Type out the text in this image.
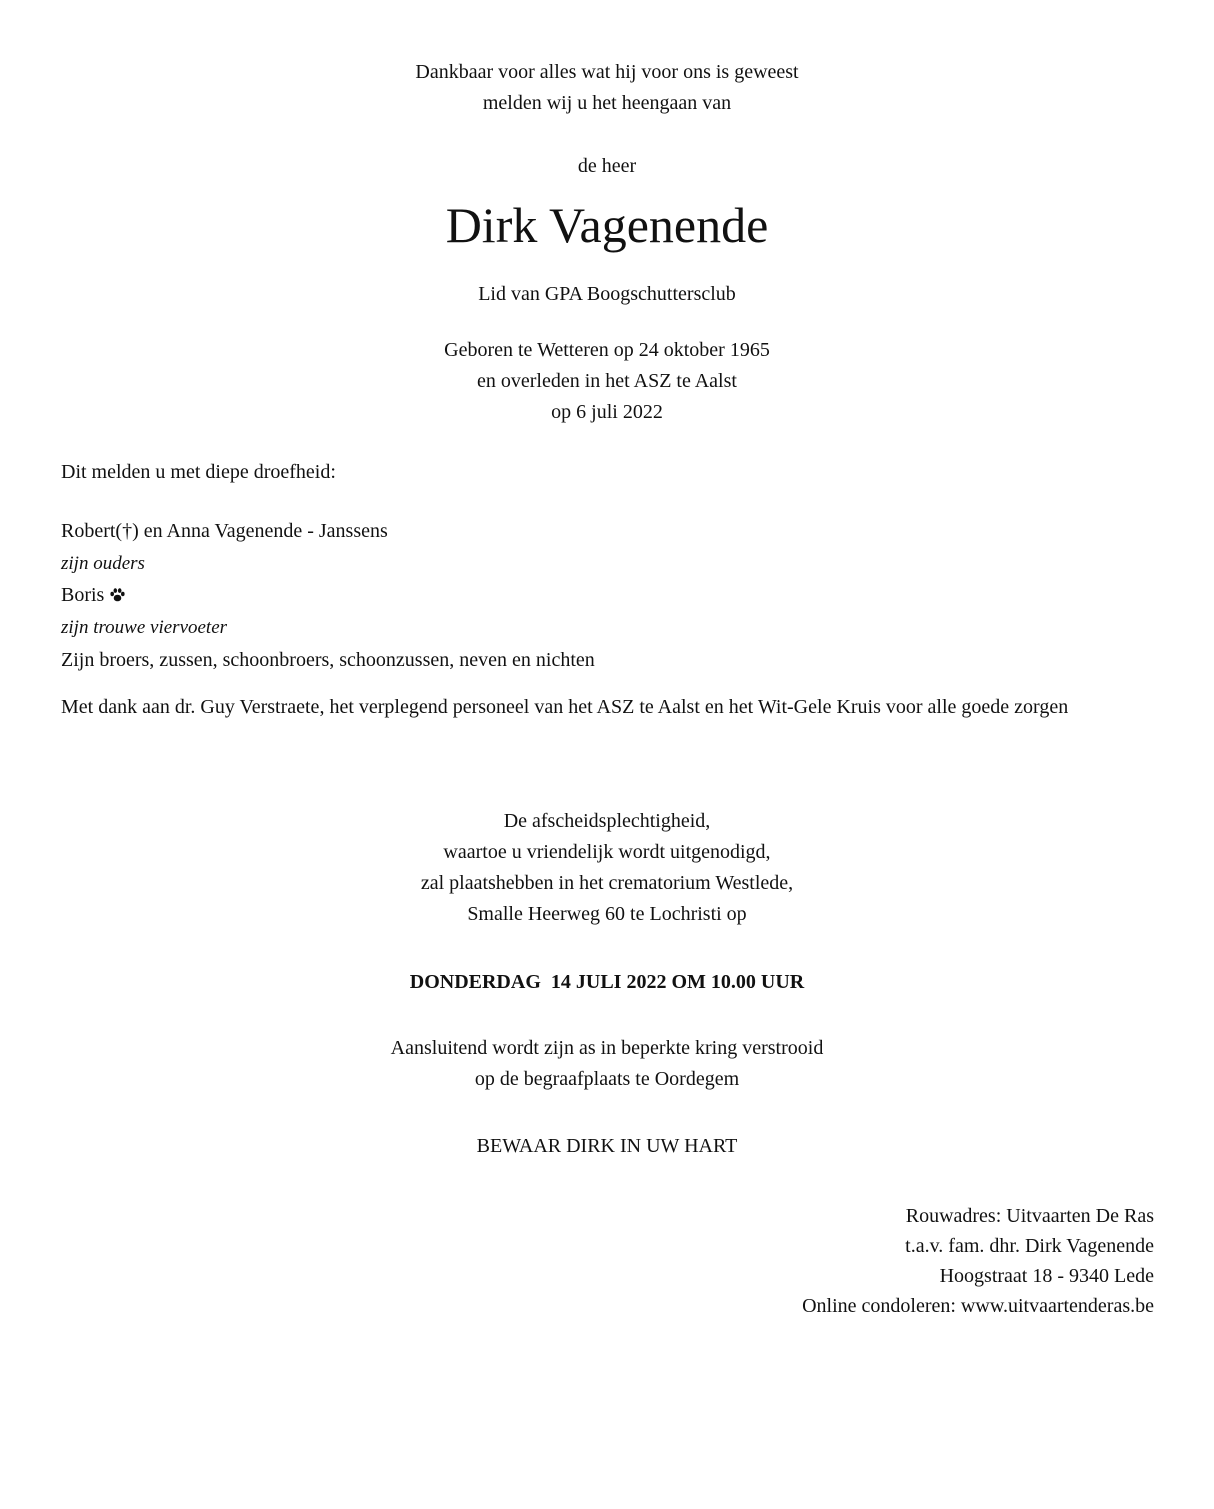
Dankbaar voor alles wat hij voor ons is geweest
melden wij u het heengaan van
de heer
Dirk Vagenende
Lid van GPA Boogschuttersclub
Geboren te Wetteren op 24 oktober 1965
en overleden in het ASZ te Aalst
op 6 juli 2022
Dit melden u met diepe droefheid:
Robert(†) en Anna Vagenende - Janssens
zijn ouders
Boris
zijn trouwe viervoeter
Zijn broers, zussen, schoonbroers, schoonzussen, neven en nichten
Met dank aan dr. Guy Verstraete, het verplegend personeel van het ASZ te Aalst en het Wit-Gele Kruis voor alle goede zorgen
De afscheidsplechtigheid,
waartoe u vriendelijk wordt uitgenodigd,
zal plaatshebben in het crematorium Westlede,
Smalle Heerweg 60 te Lochristi op
DONDERDAG  14 JULI 2022 OM 10.00 UUR
Aansluitend wordt zijn as in beperkte kring verstrooid
op de begraafplaats te Oordegem
BEWAAR DIRK IN UW HART
Rouwadres: Uitvaarten De Ras
t.a.v. fam. dhr. Dirk Vagenende
Hoogstraat 18 - 9340 Lede
Online condoleren: www.uitvaartenderas.be
